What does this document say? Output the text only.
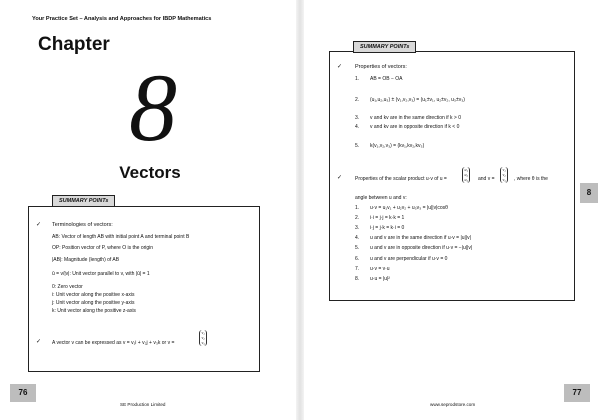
Your Practice Set – Analysis and Approaches for IBDP Mathematics
Chapter
8
Vectors
SUMMARY POINTs
✓ Terminologies of vectors:
AB: Vector of length AB with initial point A and terminal point B
OP: Position vector of P, where O is the origin
|AB|: Magnitude (length) of AB
û = v/|v|: Unit vector parallel to v, with |û| = 1
0: Zero vector
i: Unit vector along the positive x-axis
j: Unit vector along the positive y-axis
k: Unit vector along the positive z-axis
✓ A vector v can be expressed as v = v₁i + v₂j + v₃k or v =
v₁
v₂
v₃
76
SE Production Limited
SUMMARY POINTs
✓ Properties of vectors:
1. AB = OB − OA
2. (u₁,u₂,u₃) ± (v₁,v₂,v₃) = (u₁±v₁, u₂±v₂, u₃±v₃)
3. v and kv are in the same direction if k > 0
4. v and kv are in opposite direction if k < 0
5. k(v₁,v₂,v₃) = (kv₁,kv₂,kv₃)
✓	Properties of the scalar product u·v of u =
u₁
u₂
u₃ and v =
v₁
v₂
v₃ , where θ is the
angle between u and v:
1. u·v = u₁v₁ + u₂v₂ + u₃v₃ = |u||v|cosθ
2. i·i = j·j = k·k = 1
3. i·j = j·k = k·i = 0
4. u and v are in the same direction if u·v = |u||v|
5. u and v are in opposite direction if u·v = −|u||v|
6. u and v are perpendicular if u·v = 0
7. u·v = v·u
8. u·u = |u|²
8
77
www.seprodstore.com
